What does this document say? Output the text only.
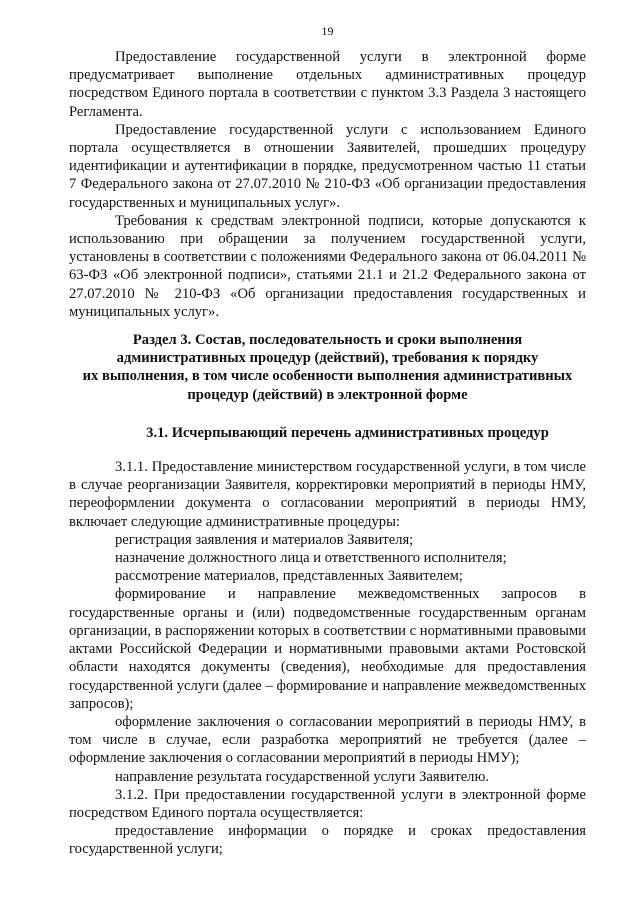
19

Предоставление государственной услуги в электронной форме предусматривает выполнение отдельных административных процедур посредством Единого портала в соответствии с пунктом 3.3 Раздела 3 настоящего Регламента.

Предоставление государственной услуги с использованием Единого портала осуществляется в отношении Заявителей, прошедших процедуру идентификации и аутентификации в порядке, предусмотренном частью 11 статьи 7 Федерального закона от 27.07.2010 № 210-ФЗ «Об организации предоставления государственных и муниципальных услуг».

Требования к средствам электронной подписи, которые допускаются к использованию при обращении за получением государственной услуги, установлены в соответствии с положениями Федерального закона от 06.04.2011 № 63-ФЗ «Об электронной подписи», статьями 21.1 и 21.2 Федерального закона от 27.07.2010 № 210-ФЗ «Об организации предоставления государственных и муниципальных услуг».

Раздел 3. Состав, последовательность и сроки выполнения
административных процедур (действий), требования к порядку
их выполнения, в том числе особенности выполнения административных
процедур (действий) в электронной форме
3.1. Исчерпывающий перечень административных процедур

3.1.1. Предоставление министерством государственной услуги, в том числе в случае реорганизации Заявителя, корректировки мероприятий в периоды НМУ, переоформлении документа о согласовании мероприятий в периоды НМУ, включает следующие административные процедуры:

регистрация заявления и материалов Заявителя;

назначение должностного лица и ответственного исполнителя;

рассмотрение материалов, представленных Заявителем;

формирование и направление межведомственных запросов в государственные органы и (или) подведомственные государственным органам организации, в распоряжении которых в соответствии с нормативными правовыми актами Российской Федерации и нормативными правовыми актами Ростовской области находятся документы (сведения), необходимые для предоставления государственной услуги (далее – формирование и направление межведомственных запросов);

оформление заключения о согласовании мероприятий в периоды НМУ, в том числе в случае, если разработка мероприятий не требуется (далее – оформление заключения о согласовании мероприятий в периоды НМУ);

направление результата государственной услуги Заявителю.

3.1.2. При предоставлении государственной услуги в электронной форме посредством Единого портала осуществляется:

предоставление информации о порядке и сроках предоставления государственной услуги;
